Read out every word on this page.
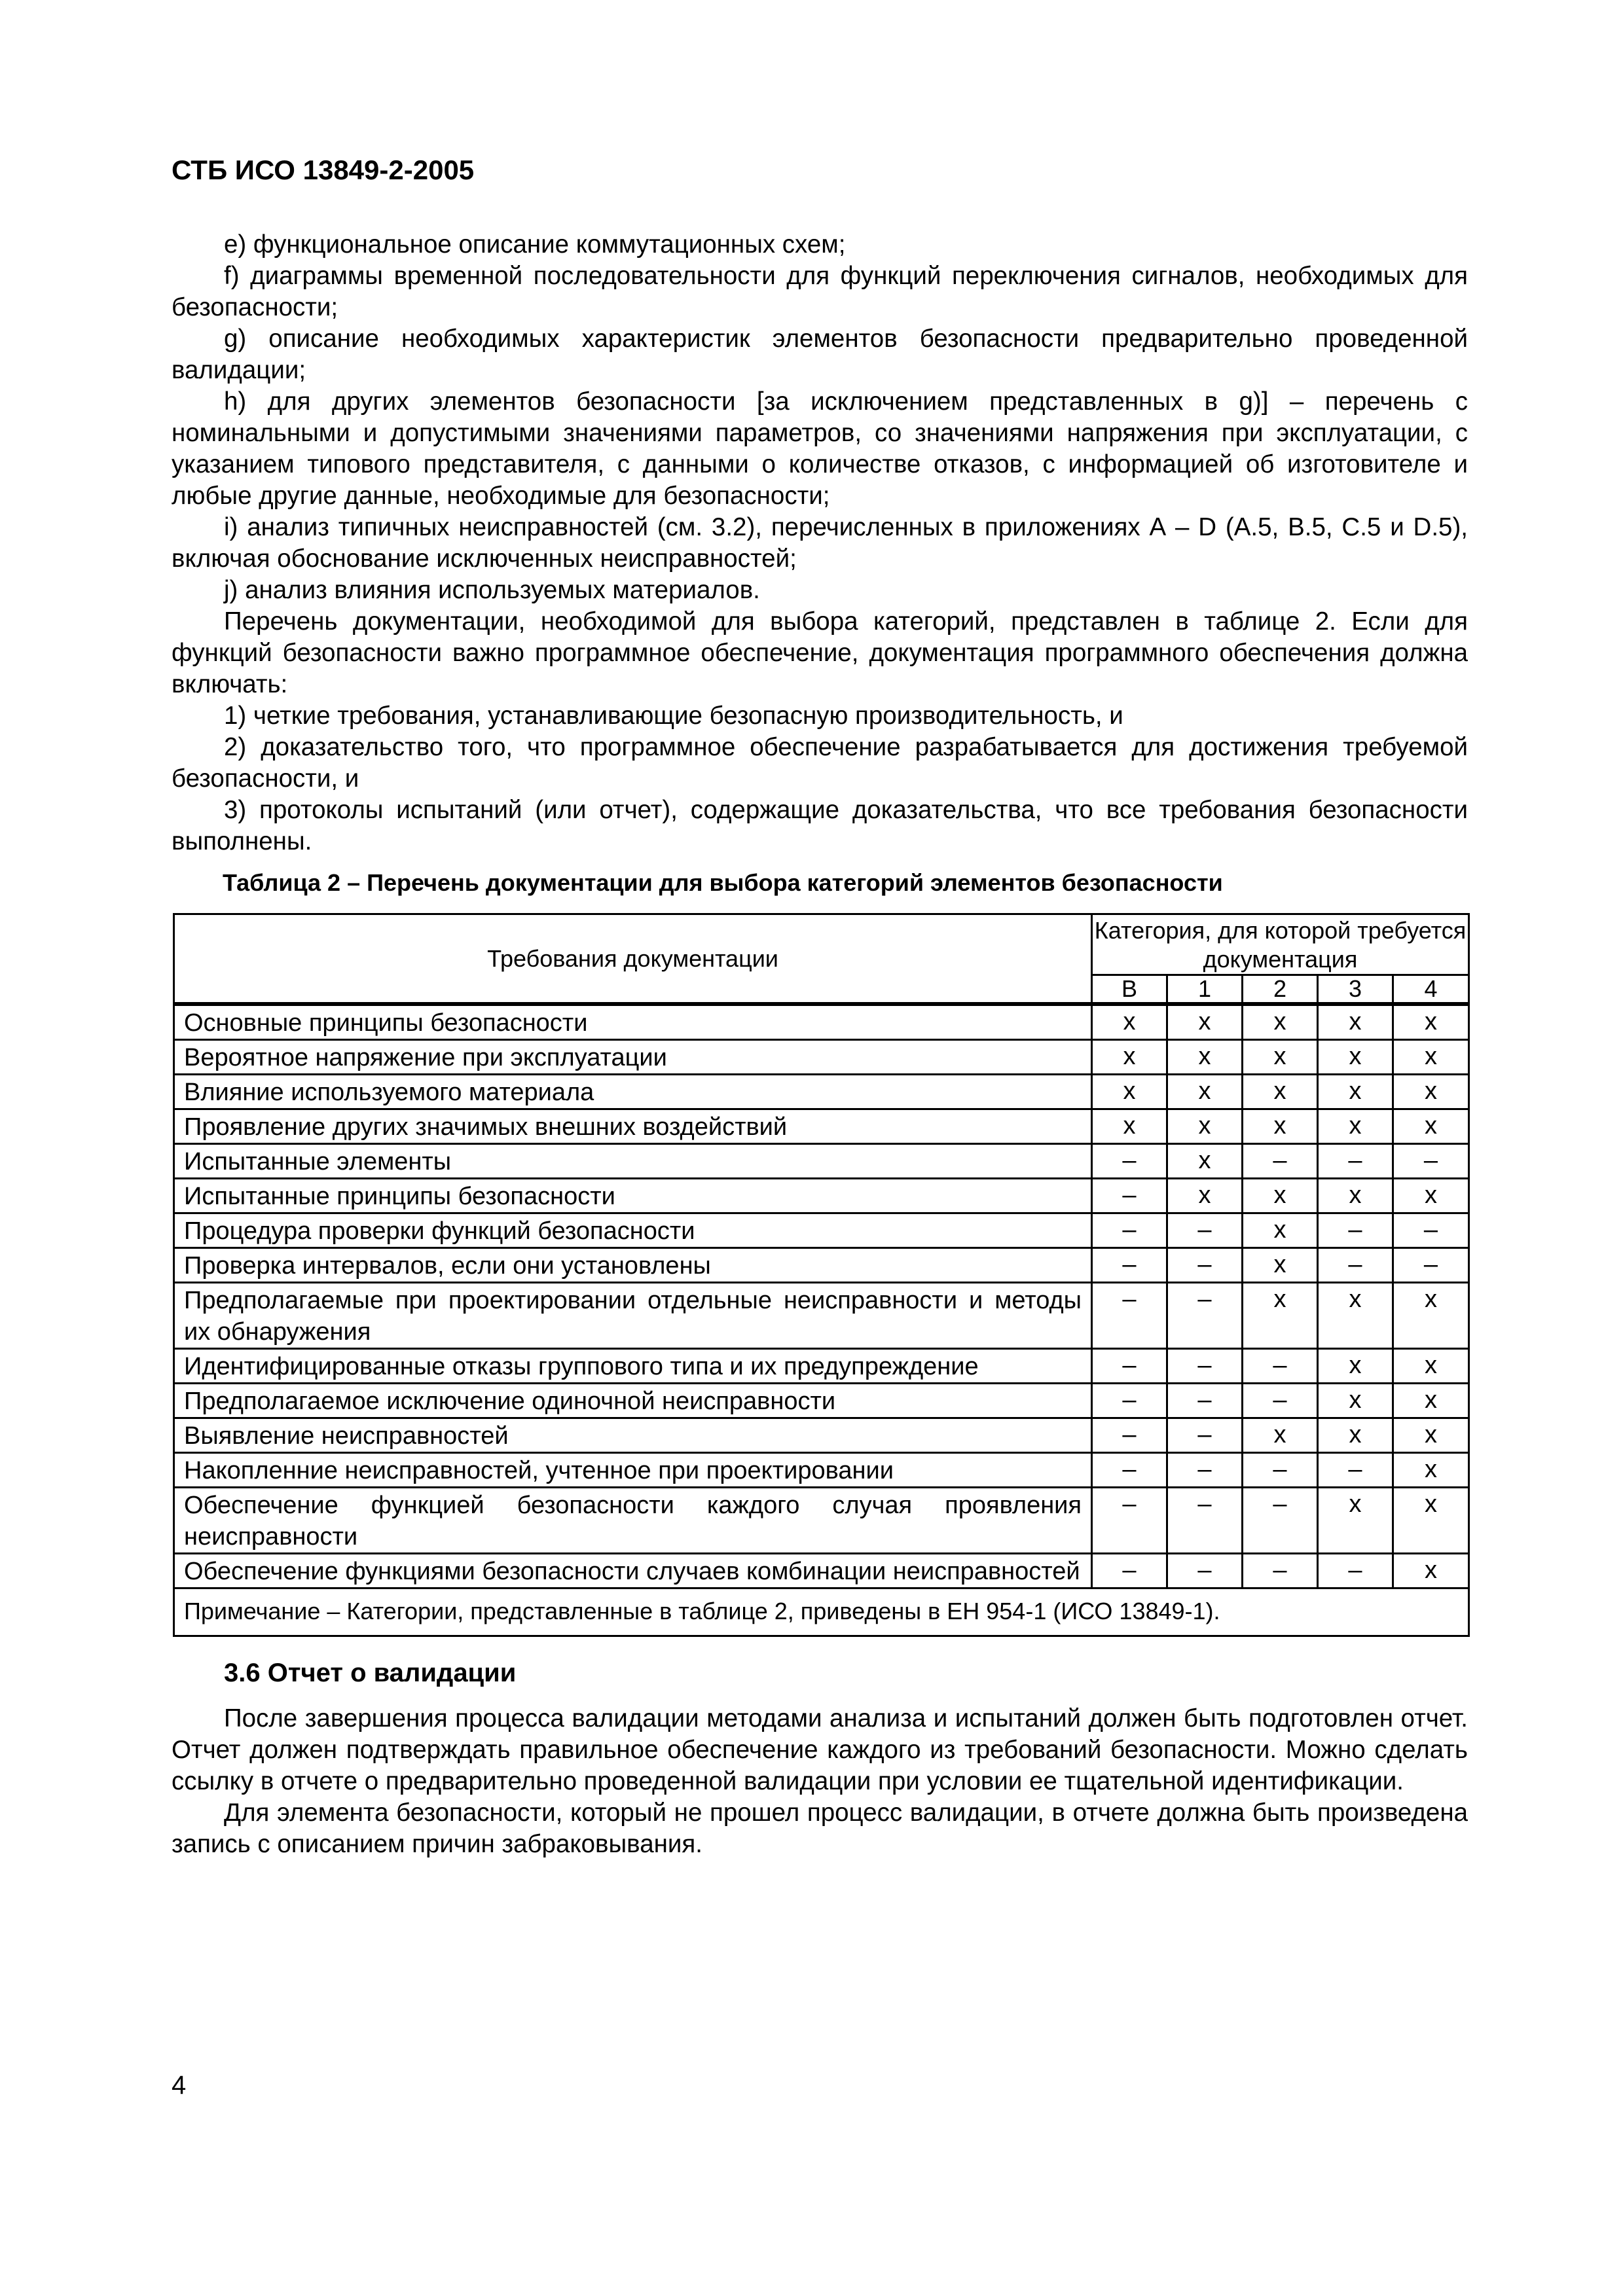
СТБ ИСО 13849-2-2005

e) функциональное описание коммутационных схем;

f) диаграммы временной последовательности для функций переключения сигналов, необходимых для безопасности;

g) описание необходимых характеристик элементов безопасности предварительно проведенной валидации;

h) для других элементов безопасности [за исключением представленных в g)] – перечень с номинальными и допустимыми значениями параметров, со значениями напряжения при эксплуатации, с указанием типового представителя, с данными о количестве отказов, с информацией об изготовителе и любые другие данные, необходимые для безопасности;

i) анализ типичных неисправностей (см. 3.2), перечисленных в приложениях А – D (А.5, В.5, С.5 и D.5), включая обоснование исключенных неисправностей;

j) анализ влияния используемых материалов.

Перечень документации, необходимой для выбора категорий, представлен в таблице 2. Если для функций безопасности важно программное обеспечение, документация программного обеспечения должна включать:

1) четкие требования, устанавливающие безопасную производительность, и

2) доказательство того, что программное обеспечение разрабатывается для достижения требуемой безопасности, и

3) протоколы испытаний (или отчет), содержащие доказательства, что все требования безопасности выполнены.

Таблица 2 – Перечень документации для выбора категорий элементов безопасности
Требования документации	Категория, для которой требуется документация				
	B	1	2	3	4
Основные принципы безопасности	x	x	x	x	x
Вероятное напряжение при эксплуатации	x	x	x	x	x
Влияние используемого материала	x	x	x	x	x
Проявление других значимых внешних воздействий	x	x	x	x	x
Испытанные элементы	–	x	–	–	–
Испытанные принципы безопасности	–	x	x	x	x
Процедура проверки функций безопасности	–	–	x	–	–
Проверка интервалов, если они установлены	–	–	x	–	–
Предполагаемые при проектировании отдельные неисправности и методы их обнаружения	–	–	x	x	x
Идентифицированные отказы группового типа и их предупреждение	–	–	–	x	x
Предполагаемое исключение одиночной неисправности	–	–	–	x	x
Выявление неисправностей	–	–	x	x	x
Накопленние неисправностей, учтенное при проектировании	–	–	–	–	x
Обеспечение функцией безопасности каждого случая проявления неисправности	–	–	–	x	x
Обеспечение функциями безопасности случаев комбинации неисправностей	–	–	–	–	x
Примечание – Категории, представленные в таблице 2, приведены в ЕН 954-1 (ИСО 13849-1).					
3.6 Отчет о валидации

После завершения процесса валидации методами анализа и испытаний должен быть подготовлен отчет. Отчет должен подтверждать правильное обеспечение каждого из требований безопасности. Можно сделать ссылку в отчете о предварительно проведенной валидации при условии ее тщательной идентификации.

Для элемента безопасности, который не прошел процесс валидации, в отчете должна быть произведена запись с описанием причин забраковывания.

4
